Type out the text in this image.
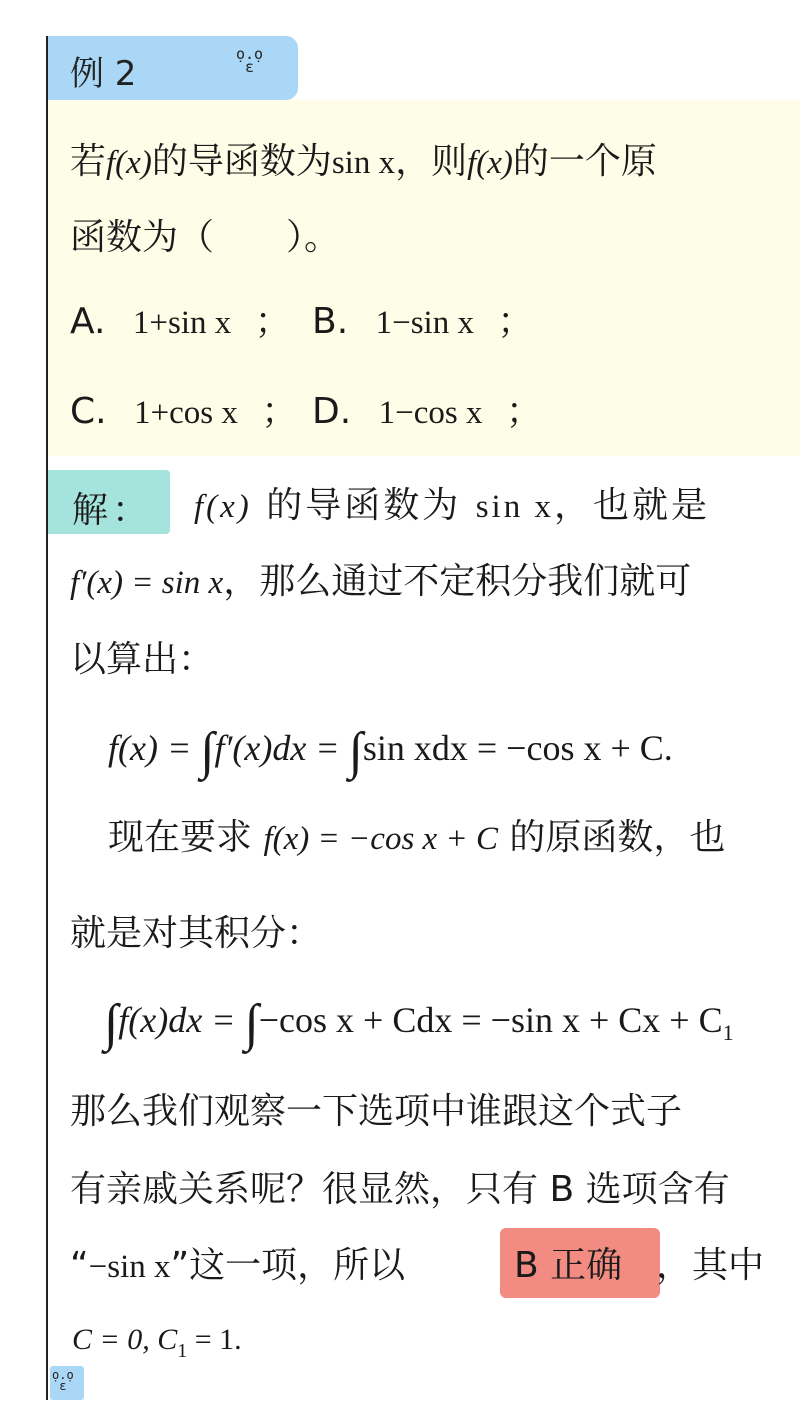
例 2	ọ.ọ
ε
若f(x)的导函数为sin x，则f(x)的一个原
函数为（　　）。
A. 1+sin x ； B. 1−sin x ；
C. 1+cos x ； D. 1−cos x ；
解： f(x) 的导函数为 sin x，也就是
f′(x) = sin x，那么通过不定积分我们就可
以算出：
f(x) = ∫f′(x)dx = ∫sin xdx = −cos x + C.
现在要求 f(x) = −cos x + C 的原函数，也
就是对其积分：
∫f(x)dx = ∫−cos x + Cdx = −sin $x + Cx + C_1$
那么我们观察一下选项中谁跟这个式子
有亲戚关系呢？很显然，只有 B 选项含有
“−sin x”这一项，所以	B 正确 ，其中
C = 0, $C_1 = 1$.
ọ.ọ
ε
